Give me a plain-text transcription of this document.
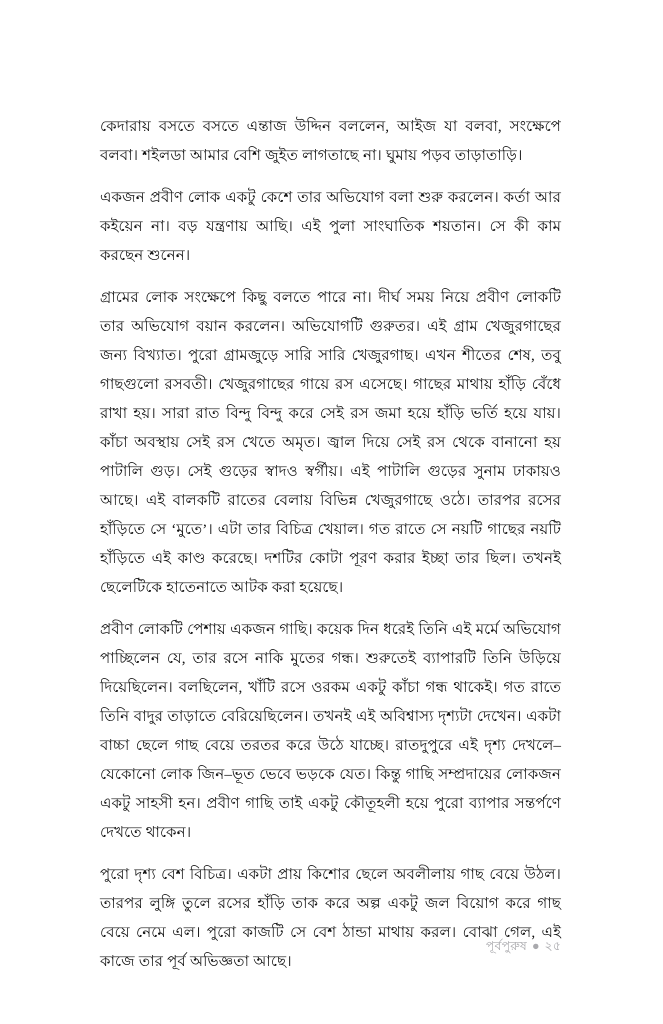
কেদারায় বসতে বসতে এন্তাজ উদ্দিন বললেন, আইজ যা বলবা, সংক্ষেপে বলবা। শইলডা আমার বেশি জুইত লাগতাছে না। ঘুমায় পড়ব তাড়াতাড়ি।

একজন প্রবীণ লোক একটু কেশে তার অভিযোগ বলা শুরু করলেন। কর্তা আর কইয়েন না। বড় যন্ত্রণায় আছি। এই পুলা সাংঘাতিক শয়তান। সে কী কাম করছেন শুনেন।

গ্রামের লোক সংক্ষেপে কিছু বলতে পারে না। দীর্ঘ সময় নিয়ে প্রবীণ লোকটি তার অভিযোগ বয়ান করলেন। অভিযোগটি গুরুতর। এই গ্রাম খেজুরগাছের জন্য বিখ্যাত। পুরো গ্রামজুড়ে সারি সারি খেজুরগাছ। এখন শীতের শেষ, তবু গাছগুলো রসবতী। খেজুরগাছের গায়ে রস এসেছে। গাছের মাথায় হাঁড়ি বেঁধে রাখা হয়। সারা রাত বিন্দু বিন্দু করে সেই রস জমা হয়ে হাঁড়ি ভর্তি হয়ে যায়। কাঁচা অবস্থায় সেই রস খেতে অমৃত। জ্বাল দিয়ে সেই রস থেকে বানানো হয় পাটালি গুড়। সেই গুড়ের স্বাদও স্বর্গীয়। এই পাটালি গুড়ের সুনাম ঢাকায়ও আছে। এই বালকটি রাতের বেলায় বিভিন্ন খেজুরগাছে ওঠে। তারপর রসের হাঁড়িতে সে ‘মুতে’। এটা তার বিচিত্র খেয়াল। গত রাতে সে নয়টি গাছের নয়টি হাঁড়িতে এই কাণ্ড করেছে। দশটির কোটা পূরণ করার ইচ্ছা তার ছিল। তখনই ছেলেটিকে হাতেনাতে আটক করা হয়েছে।

প্রবীণ লোকটি পেশায় একজন গাছি। কয়েক দিন ধরেই তিনি এই মর্মে অভিযোগ পাচ্ছিলেন যে, তার রসে নাকি মুতের গন্ধ। শুরুতেই ব্যাপারটি তিনি উড়িয়ে দিয়েছিলেন। বলছিলেন, খাঁটি রসে ওরকম একটু কাঁচা গন্ধ থাকেই। গত রাতে তিনি বাদুর তাড়াতে বেরিয়েছিলেন। তখনই এই অবিশ্বাস্য দৃশ্যটা দেখেন। একটা বাচ্চা ছেলে গাছ বেয়ে তরতর করে উঠে যাচ্ছে। রাতদুপুরে এই দৃশ্য দেখলে–যেকোনো লোক জিন–ভূত ভেবে ভড়কে যেত। কিন্তু গাছি সম্প্রদায়ের লোকজন একটু সাহসী হন। প্রবীণ গাছি তাই একটু কৌতূহলী হয়ে পুরো ব্যাপার সন্তর্পণে দেখতে থাকেন।

পুরো দৃশ্য বেশ বিচিত্র। একটা প্রায় কিশোর ছেলে অবলীলায় গাছ বেয়ে উঠল। তারপর লুঙ্গি তুলে রসের হাঁড়ি তাক করে অল্প একটু জল বিয়োগ করে গাছ বেয়ে নেমে এল। পুরো কাজটি সে বেশ ঠান্ডা মাথায় করল। বোঝা গেল, এই কাজে তার পূর্ব অভিজ্ঞতা আছে।

পূর্বপুরুষ ● ২৫
